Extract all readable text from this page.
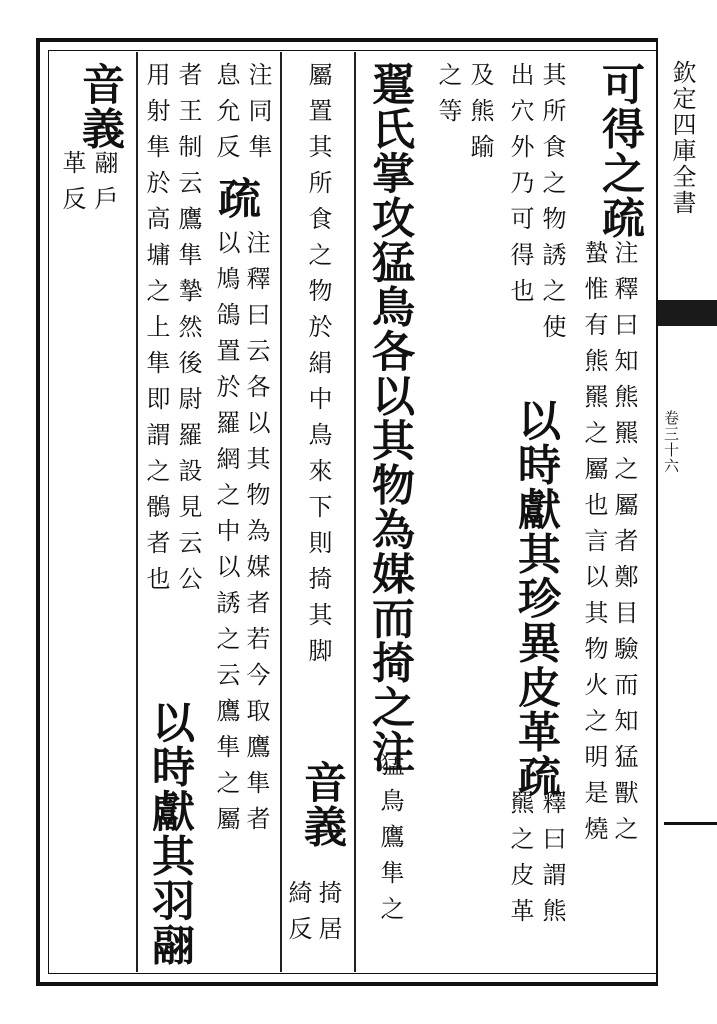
欽定四庫全書
卷三十六
可得之疏
注釋曰知熊羆之屬者鄭目驗而知猛獸之
蟄惟有熊羆之屬也言以其物火之明是燒
釋曰謂熊
羆之皮革
其所食之物誘之使
出穴外乃可得也
以時獻其珍異皮革疏
及熊踰
之等
翨氏掌攻猛鳥各以其物為媒而掎之注
猛鳥鷹隼之
屬置其所食之物於絹中鳥來下則掎其脚
音義
掎居
綺反
注同隼
息允反
疏
注釋曰云各以其物為媒者若今取鷹隼者
以鳩鴿置於羅網之中以誘之云鷹隼之屬
者王制云鷹隼摯然後尉羅設見云公
用射隼於高墉之上隼即謂之鶻者也
以時獻其羽翮
音義
翮戶
革反
